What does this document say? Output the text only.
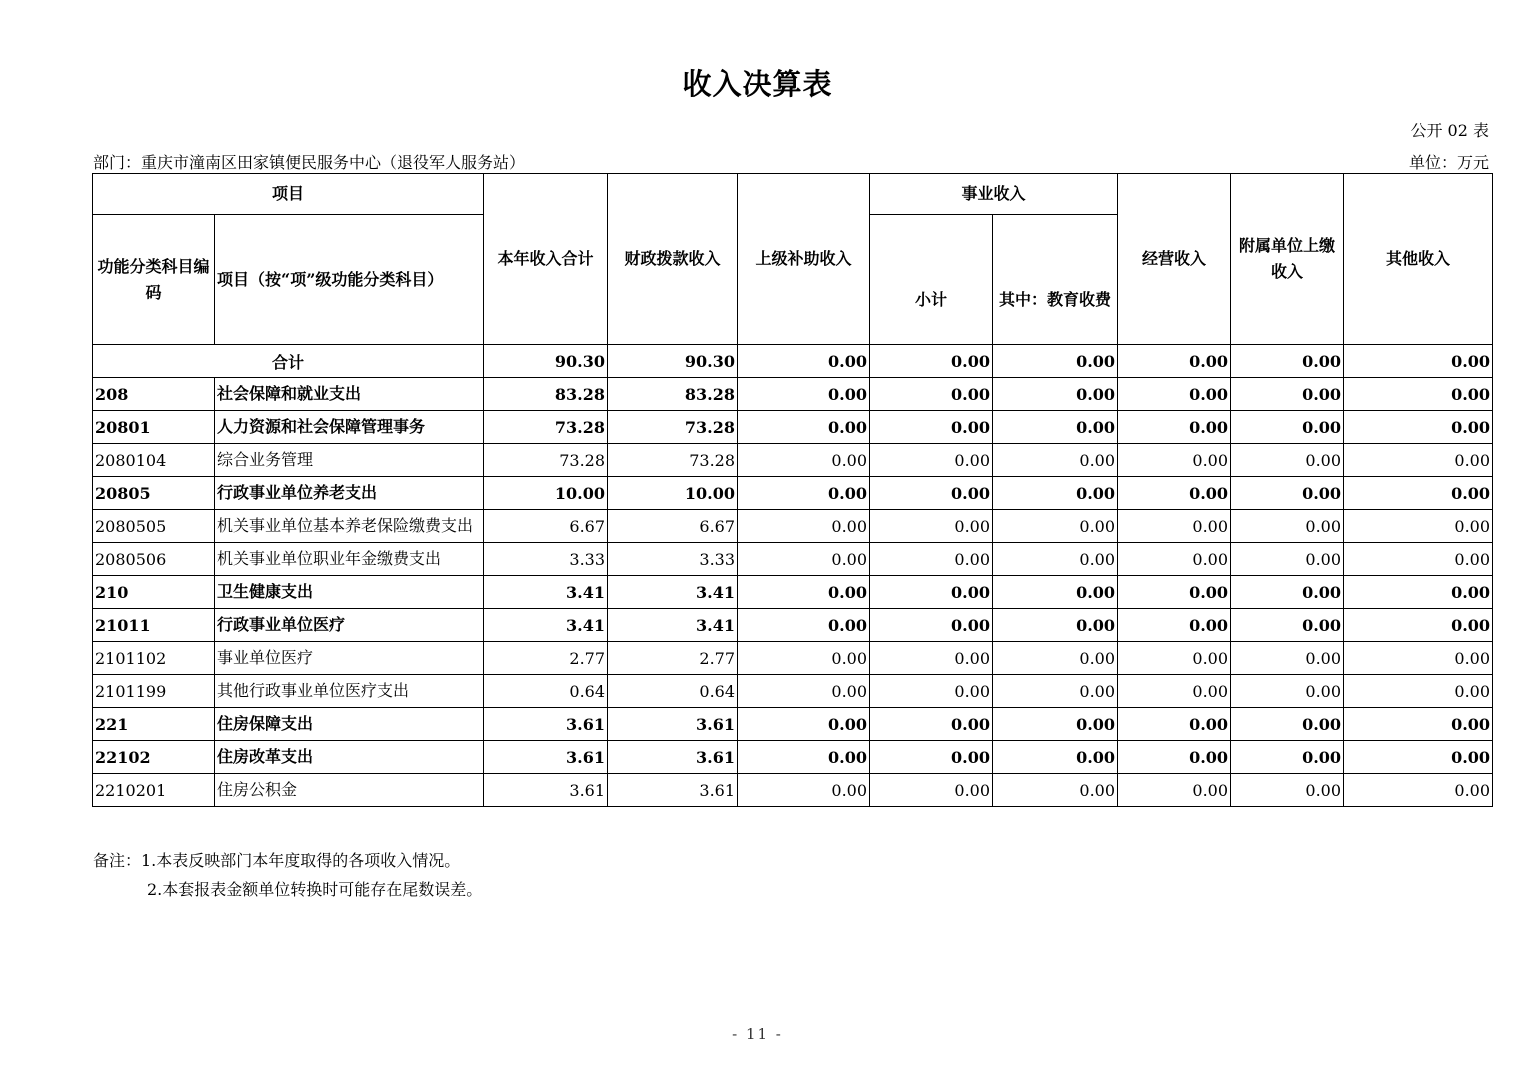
收入决算表
公开 02 表
部门：重庆市潼南区田家镇便民服务中心（退役军人服务站）	单位：万元
项目		本年收入合计	财政拨款收入	上级补助收入	事业收入		经营收入	附属单位上缴收入	其他收入
功能分类科目编码	项目（按“项”级功能分类科目）				小计	其中：教育收费			
合计		90.30	90.30	0.00	0.00	0.00	0.00	0.00	0.00
208	社会保障和就业支出	83.28	83.28	0.00	0.00	0.00	0.00	0.00	0.00
20801	人力资源和社会保障管理事务	73.28	73.28	0.00	0.00	0.00	0.00	0.00	0.00
2080104	综合业务管理	73.28	73.28	0.00	0.00	0.00	0.00	0.00	0.00
20805	行政事业单位养老支出	10.00	10.00	0.00	0.00	0.00	0.00	0.00	0.00
2080505	机关事业单位基本养老保险缴费支出	6.67	6.67	0.00	0.00	0.00	0.00	0.00	0.00
2080506	机关事业单位职业年金缴费支出	3.33	3.33	0.00	0.00	0.00	0.00	0.00	0.00
210	卫生健康支出	3.41	3.41	0.00	0.00	0.00	0.00	0.00	0.00
21011	行政事业单位医疗	3.41	3.41	0.00	0.00	0.00	0.00	0.00	0.00
2101102	事业单位医疗	2.77	2.77	0.00	0.00	0.00	0.00	0.00	0.00
2101199	其他行政事业单位医疗支出	0.64	0.64	0.00	0.00	0.00	0.00	0.00	0.00
221	住房保障支出	3.61	3.61	0.00	0.00	0.00	0.00	0.00	0.00
22102	住房改革支出	3.61	3.61	0.00	0.00	0.00	0.00	0.00	0.00
2210201	住房公积金	3.61	3.61	0.00	0.00	0.00	0.00	0.00	0.00
备注：1.本表反映部门本年度取得的各项收入情况。
2.本套报表金额单位转换时可能存在尾数误差。
- 11 -
